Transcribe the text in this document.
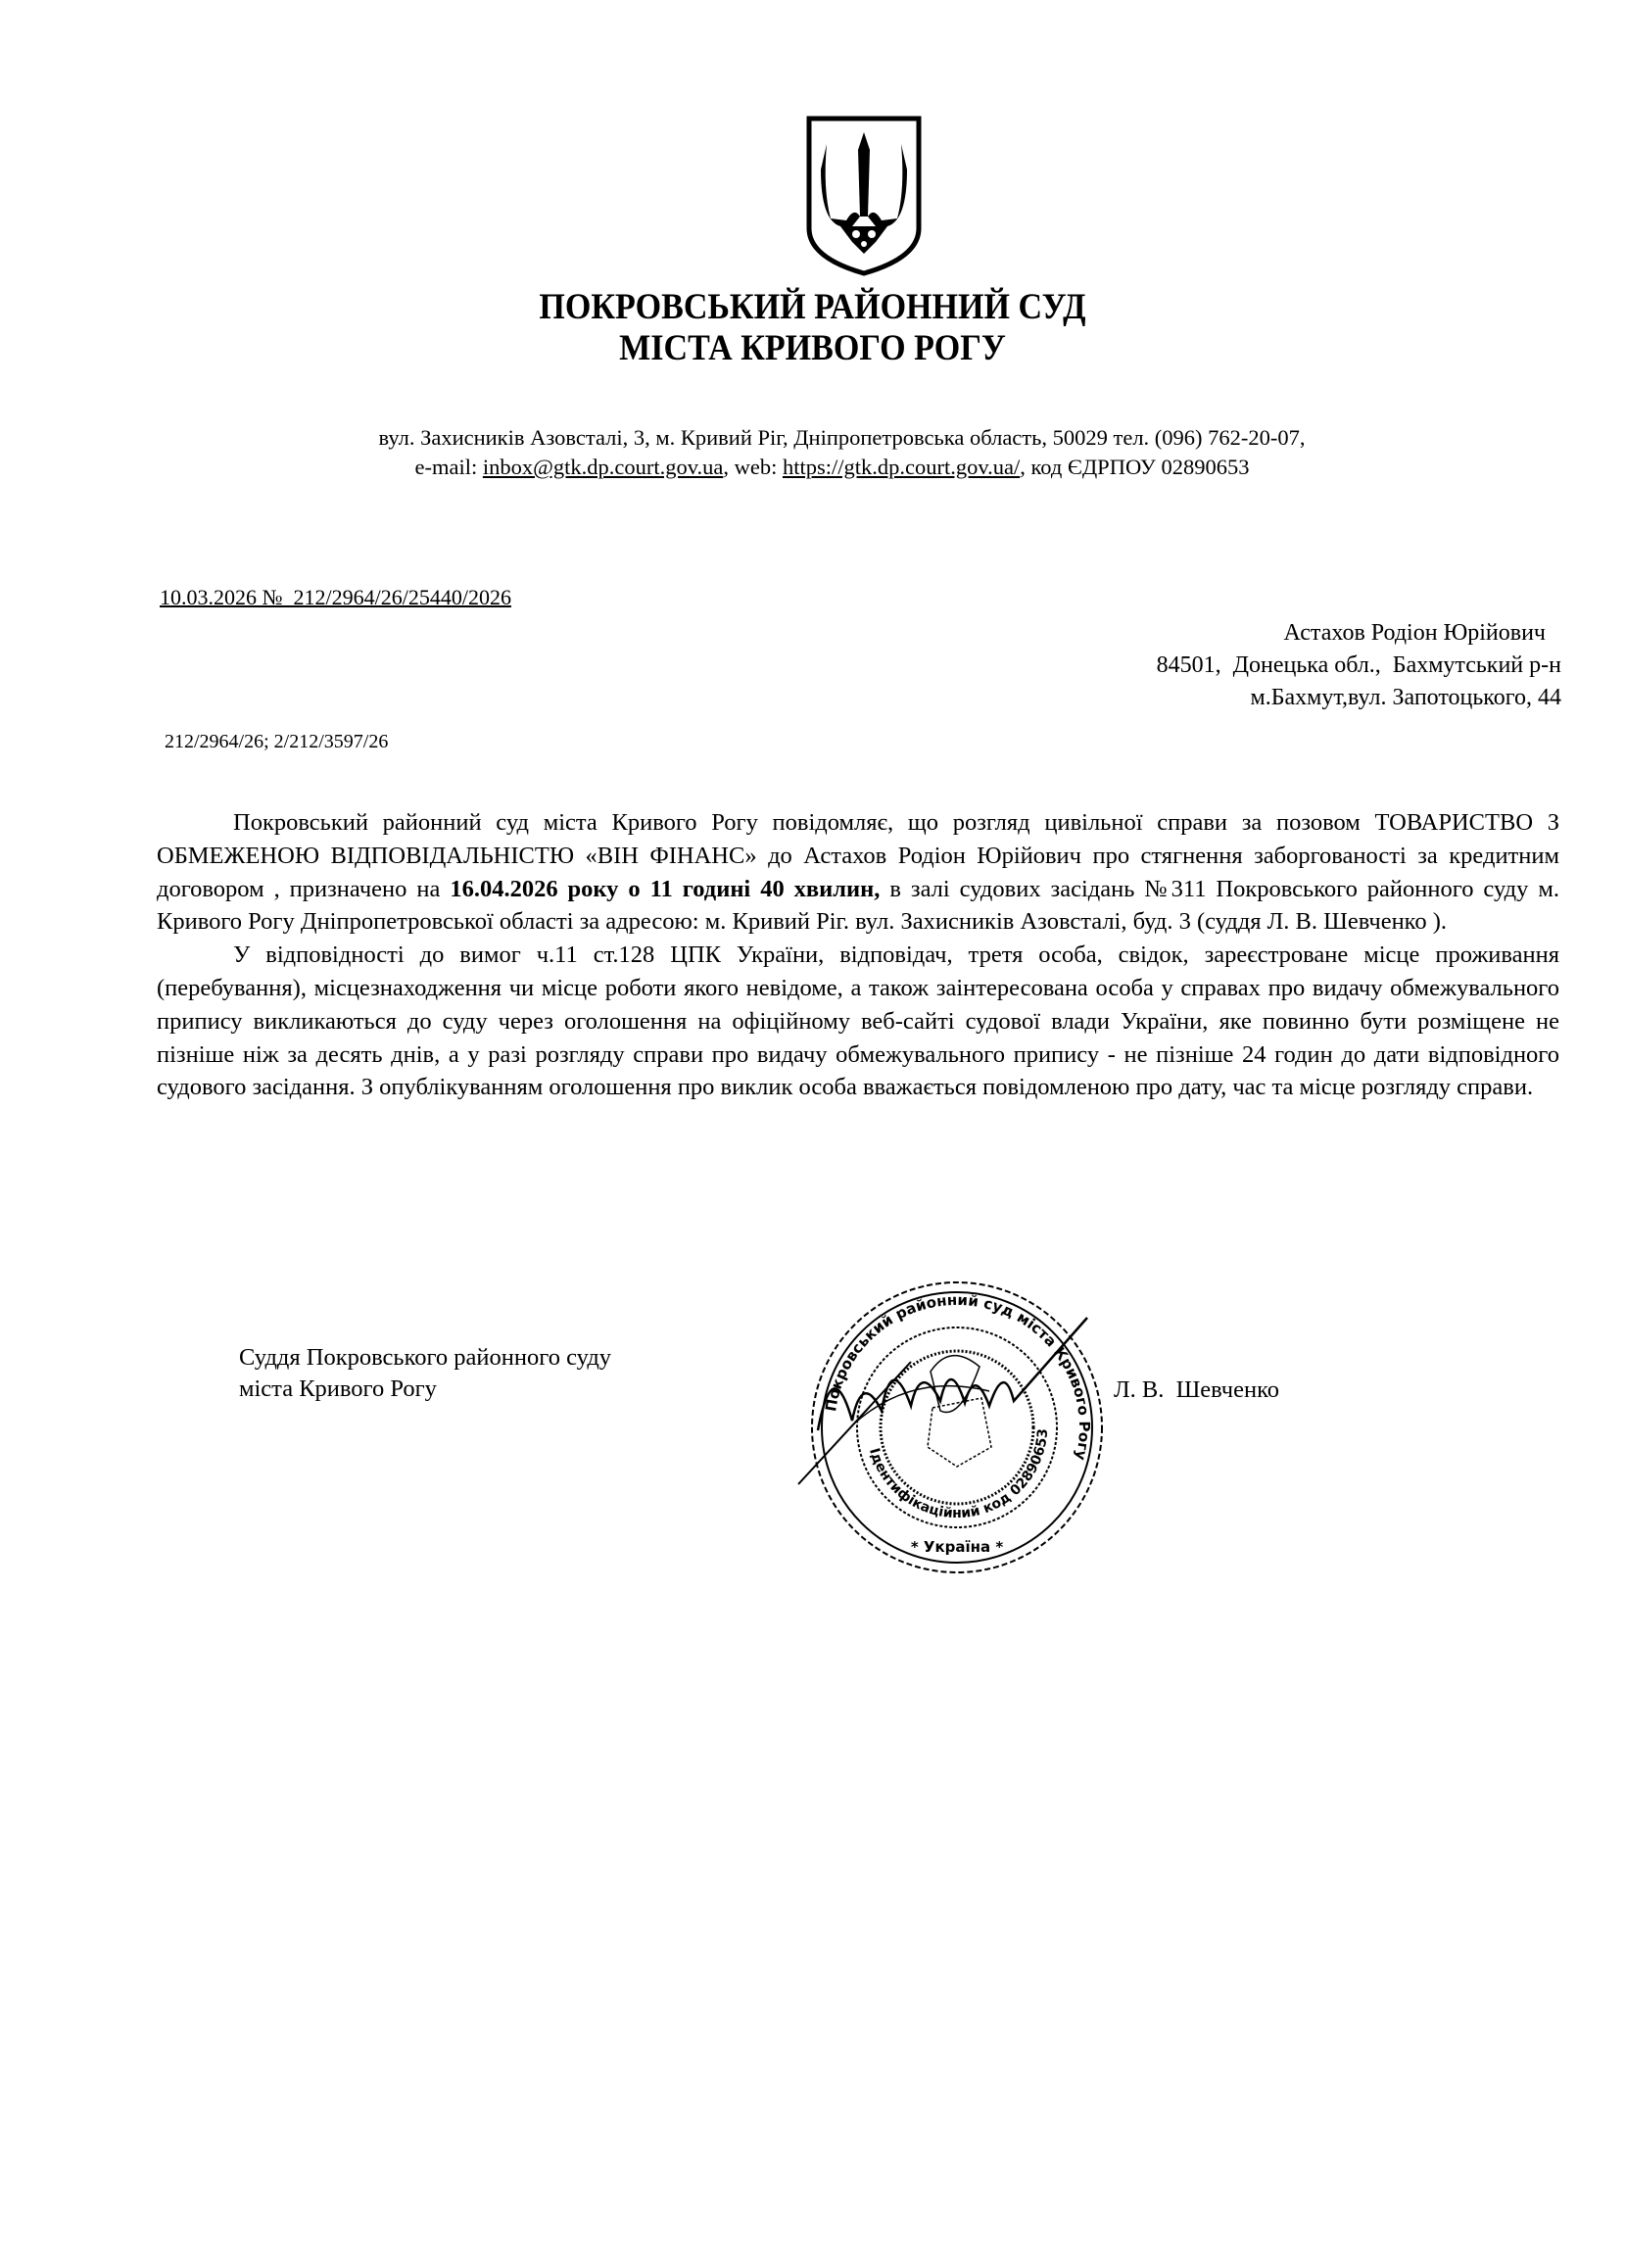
ПОКРОВСЬКИЙ РАЙОННИЙ СУД
МІСТА КРИВОГО РОГУ
вул. Захисників Азовсталі, 3, м. Кривий Ріг, Дніпропетровська область, 50029 тел. (096) 762-20-07,
e-mail: inbox@gtk.dp.court.gov.ua, web: https://gtk.dp.court.gov.ua/, код ЄДРПОУ 02890653
10.03.2026 № 212/2964/26/25440/2026
Астахов Родіон Юрійович
84501,  Донецька обл.,  Бахмутський р-н
м.Бахмут,вул. Запотоцького, 44
212/2964/26; 2/212/3597/26

Покровський районний суд міста Кривого Рогу повідомляє, що розгляд цивільної справи за позовом ТОВАРИСТВО З ОБМЕЖЕНОЮ ВІДПОВІДАЛЬНІСТЮ «ВІН ФІНАНС» до Астахов Родіон Юрійович про стягнення заборгованості за кредитним договором , призначено на 16.04.2026 року о 11 годині 40 хвилин, в залі судових засідань №311 Покровського районного суду м. Кривого Рогу Дніпропетровської області за адресою: м. Кривий Ріг. вул. Захисників Азовсталі, буд. 3 (суддя Л. В. Шевченко ).

У відповідності до вимог ч.11 ст.128 ЦПК України, відповідач, третя особа, свідок, зареєстроване місце проживання (перебування), місцезнаходження чи місце роботи якого невідоме, а також заінтересована особа у справах про видачу обмежувального припису викликаються до суду через оголошення на офіційному веб-сайті судової влади України, яке повинно бути розміщене не пізніше ніж за десять днів, а у разі розгляду справи про видачу обмежувального припису - не пізніше 24 годин до дати відповідного судового засідання. З опублікуванням оголошення про виклик особа вважається повідомленою про дату, час та місце розгляду справи.

Суддя Покровського районного суду
міста Кривого Рогу
Покровський районний суд міста Кривого Рогу
Ідентифікаційний код 02890653
* Україна *
Л. В.  Шевченко
